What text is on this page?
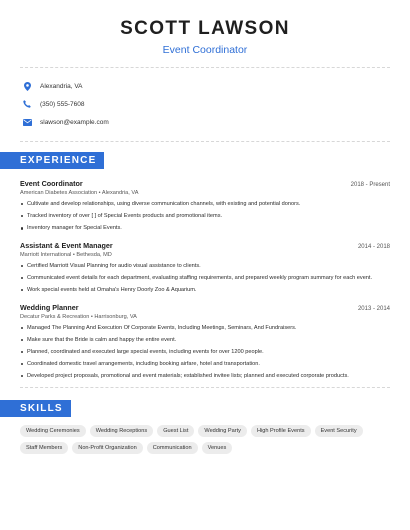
SCOTT LAWSON
Event Coordinator
Alexandria, VA
(350) 555-7608
slawson@example.com
EXPERIENCE
Event Coordinator	2018 - Present
American Diabetes Association • Alexandria, VA
Cultivate and develop relationships, using diverse communication channels, with existing and potential donors.
Tracked inventory of over [ ] of Special Events products and promotional items.
Inventory manager for Special Events.
Assistant & Event Manager	2014 - 2018
Marriott International • Bethesda, MD
Certified Marriott Visual Planning for audio visual assistance to clients.
Communicated event details for each department, evaluating staffing requirements, and prepared weekly program summary for each event.
Work special events held at Omaha's Henry Doorly Zoo & Aquarium.
Wedding Planner	2013 - 2014
Decatur Parks & Recreation • Harrisonburg, VA
Managed The Planning And Execution Of Corporate Events, Including Meetings, Seminars, And Fundraisers.
Make sure that the Bride is calm and happy the entire event.
Planned, coordinated and executed large special events, including events for over 1200 people.
Coordinated domestic travel arrangements, including booking airfare, hotel and transportation.
Developed project proposals, promotional and event materials; established invitee lists; planned and executed corporate products.
SKILLS
Wedding Ceremonies	Wedding Receptions	Guest List	Wedding Party	High Profile Events	Event Security
Staff Members	Non-Profit Organization	Communication	Venues
